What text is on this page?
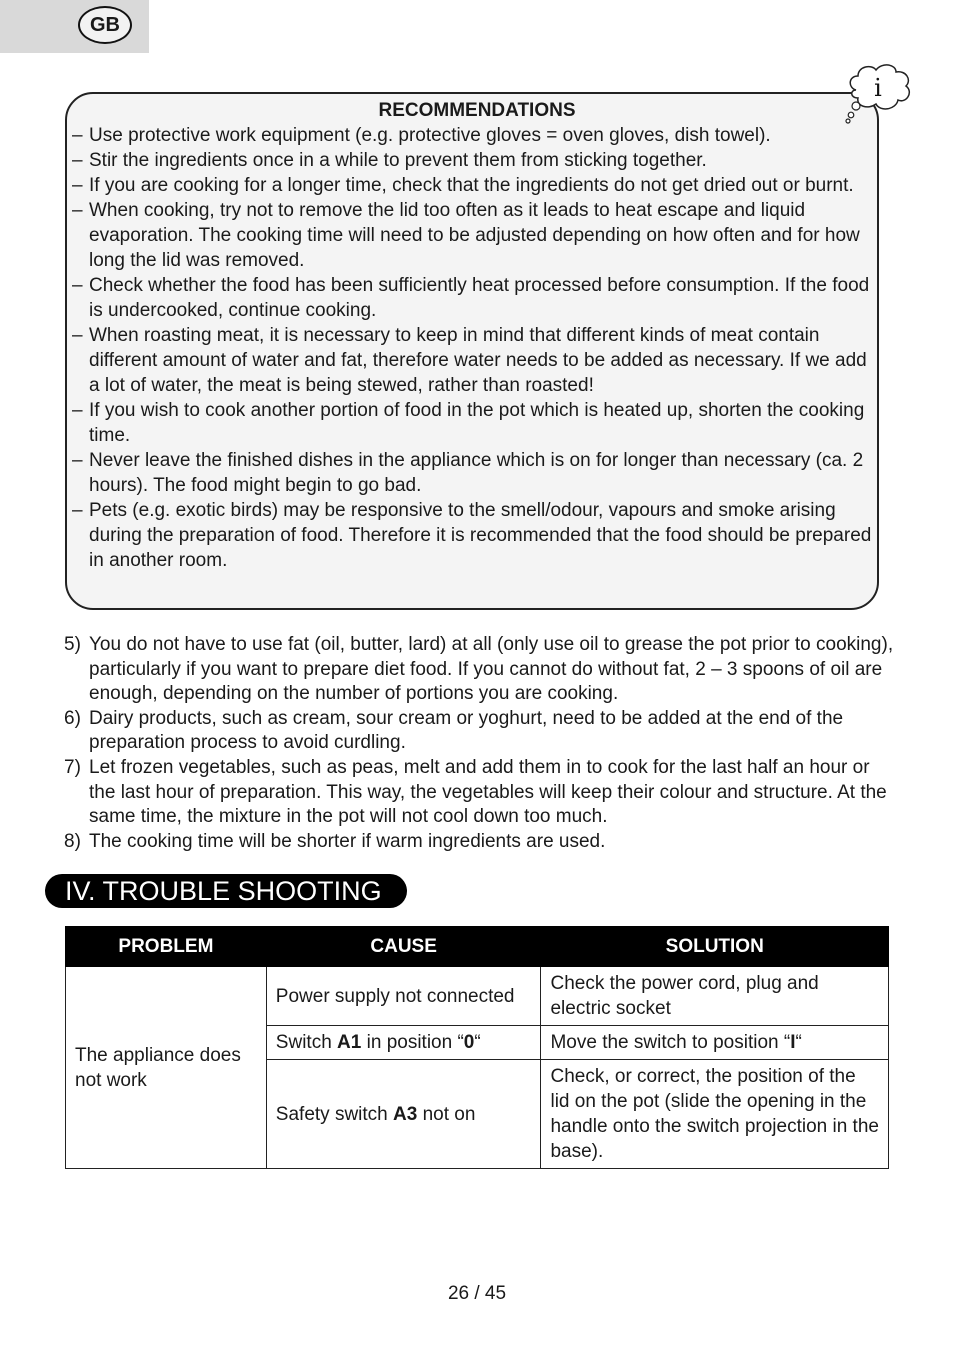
GB
i
RECOMMENDATIONS
– Use protective work equipment (e.g. protective gloves = oven gloves, dish towel).
– Stir the ingredients once in a while to prevent them from sticking together.
– If you are cooking for a longer time, check that the ingredients do not get dried out or burnt.
– When cooking, try not to remove the lid too often as it leads to heat escape and liquid evaporation. The cooking time will need to be adjusted depending on how often and for how long the lid was removed.
– Check whether the food has been sufficiently heat processed before consumption. If the food is undercooked, continue cooking.
– When roasting meat, it is necessary to keep in mind that different kinds of meat contain different amount of water and fat, therefore water needs to be added as necessary. If we add a lot of water, the meat is being stewed, rather than roasted!
– If you wish to cook another portion of food in the pot which is heated up, shorten the cooking time.
– Never leave the finished dishes in the appliance which is on for longer than necessary (ca. 2 hours). The food might begin to go bad.
– Pets (e.g. exotic birds) may be responsive to the smell/odour, vapours and smoke arising during the preparation of food. Therefore it is recommended that the food should be prepared in another room.
5) You do not have to use fat (oil, butter, lard) at all (only use oil to grease the pot prior to cooking), particularly if you want to prepare diet food. If you cannot do without fat, 2 – 3 spoons of oil are enough, depending on the number of portions you are cooking.
6) Dairy products, such as cream, sour cream or yoghurt, need to be added at the end of the preparation process to avoid curdling.
7) Let frozen vegetables, such as peas, melt and add them in to cook for the last half an hour or the last hour of preparation. This way, the vegetables will keep their colour and structure. At the same time, the mixture in the pot will not cool down too much.
8) The cooking time will be shorter if warm ingredients are used.
IV. TROUBLE SHOOTING
PROBLEM	CAUSE	SOLUTION
The appliance does not work	Power supply not connected	Check the power cord, plug and electric socket
	Switch A1 in position “0“	Move the switch to position “I“
	Safety switch A3 not on	Check, or correct, the position of the lid on the pot (slide the opening in the handle onto the switch projection in the base).
26 / 45
